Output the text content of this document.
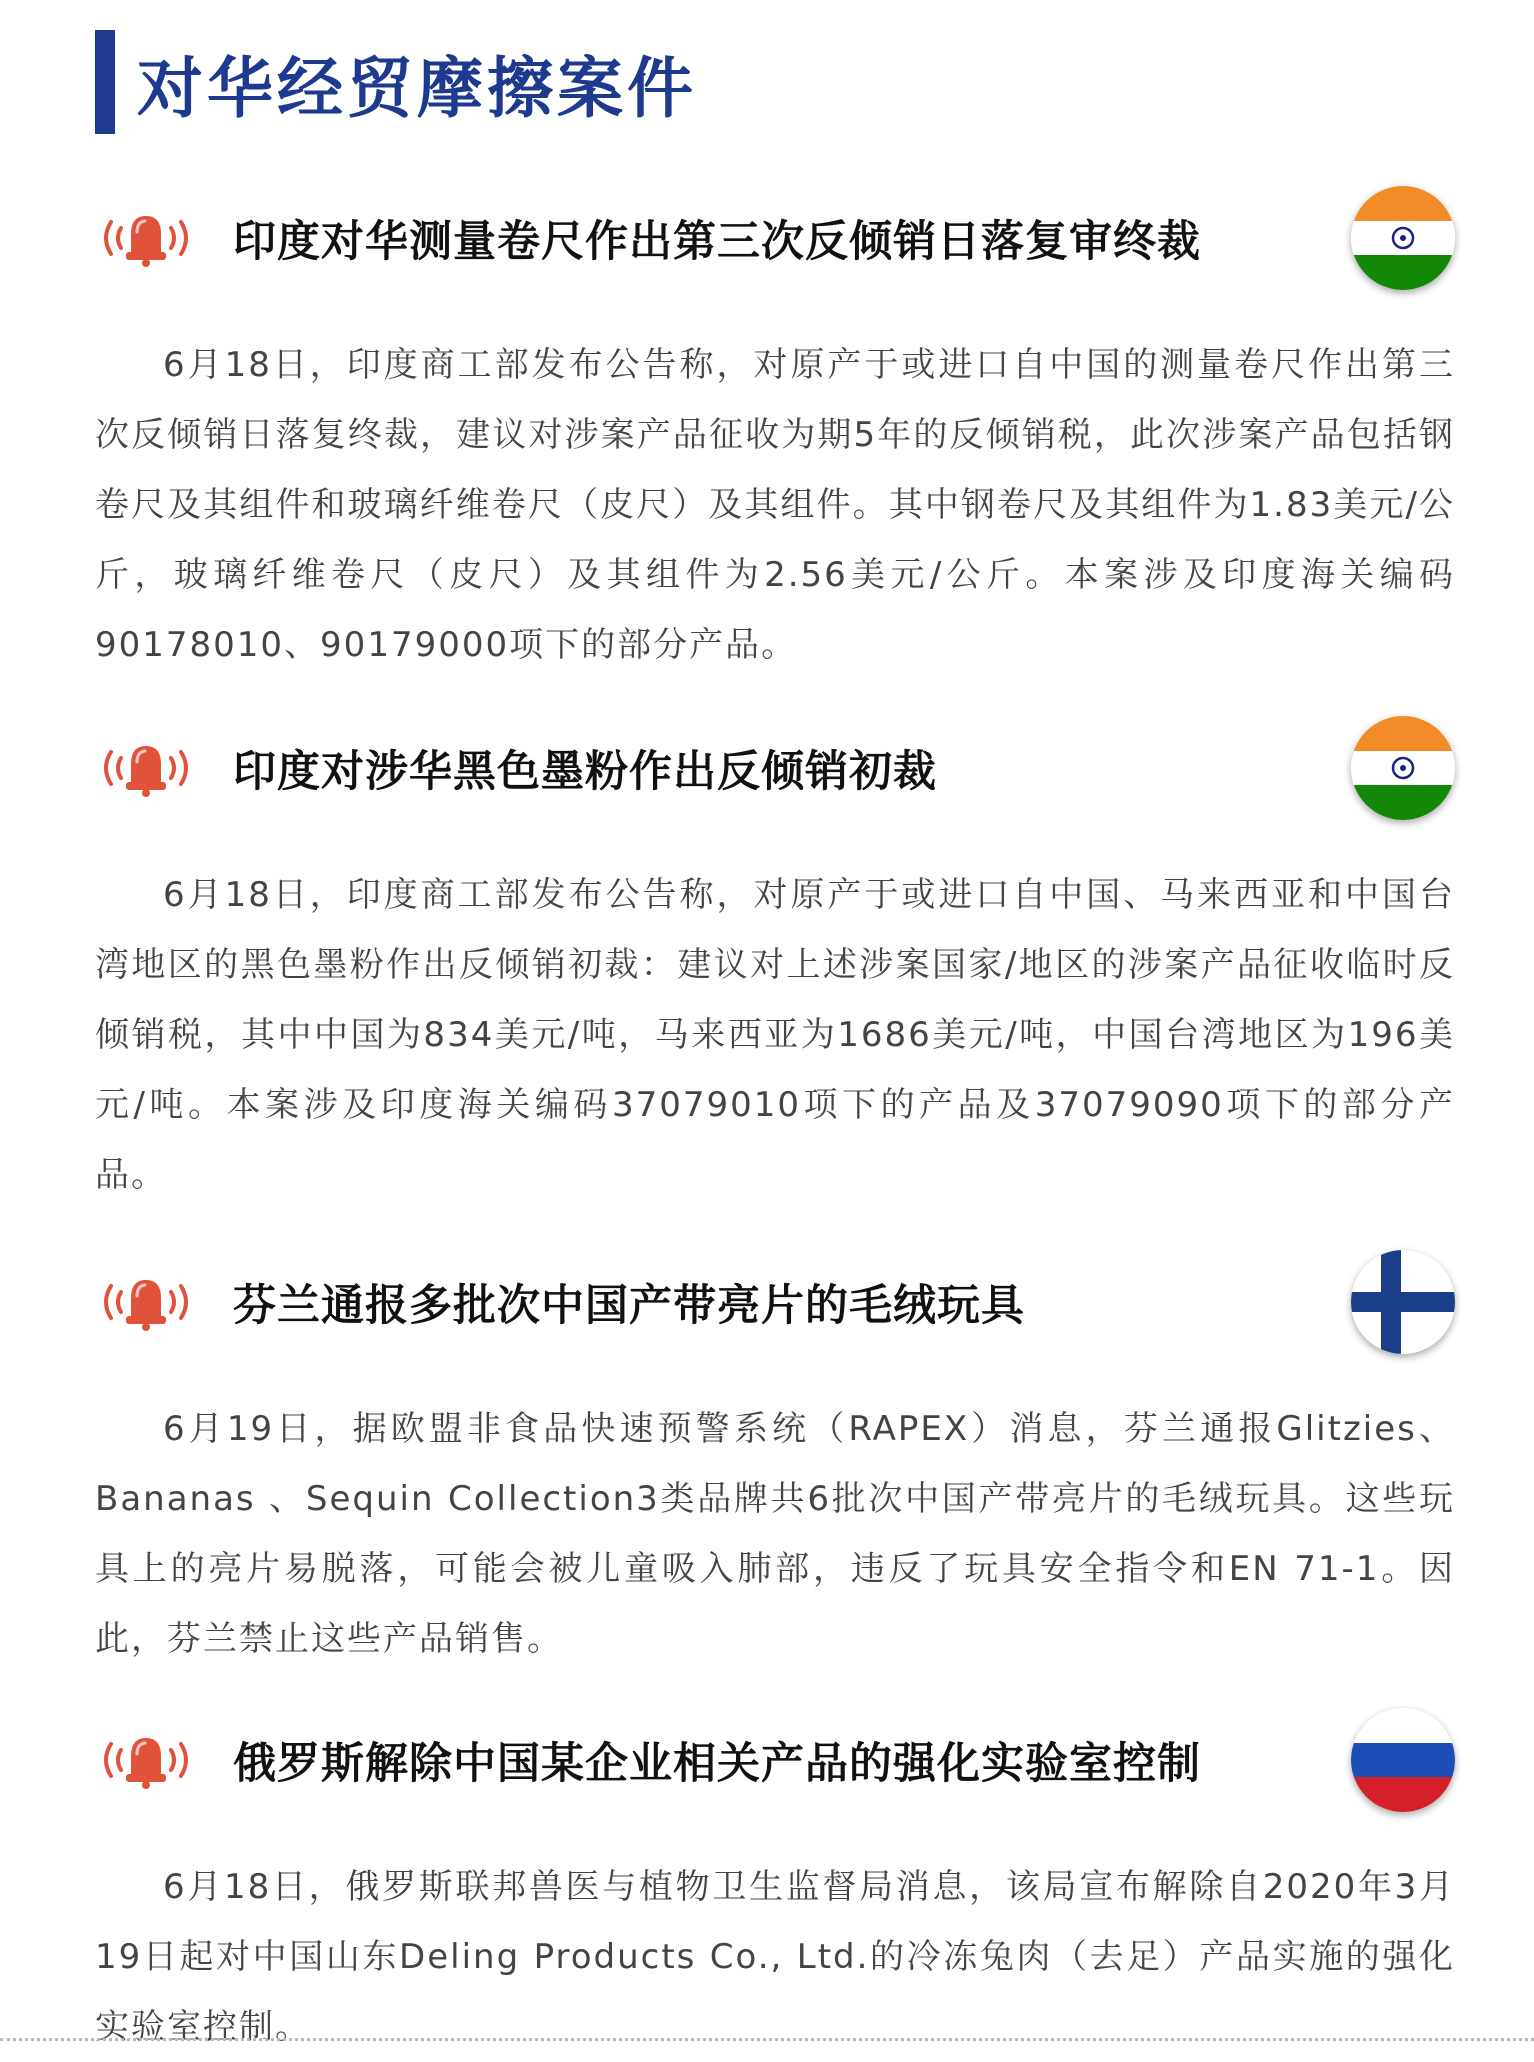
对华经贸摩擦案件
印度对华测量卷尺作出第三次反倾销日落复审终裁

6月18日，印度商工部发布公告称，对原产于或进口自中国的测量卷尺作出第三次反倾销日落复终裁，建议对涉案产品征收为期5年的反倾销税，此次涉案产品包括钢卷尺及其组件和玻璃纤维卷尺（皮尺）及其组件。其中钢卷尺及其组件为1.83美元/公斤，玻璃纤维卷尺（皮尺）及其组件为2.56美元/公斤。本案涉及印度海关编码90178010、90179000项下的部分产品。

印度对涉华黑色墨粉作出反倾销初裁

6月18日，印度商工部发布公告称，对原产于或进口自中国、马来西亚和中国台湾地区的黑色墨粉作出反倾销初裁：建议对上述涉案国家/地区的涉案产品征收临时反倾销税，其中中国为834美元/吨，马来西亚为1686美元/吨，中国台湾地区为196美元/吨。本案涉及印度海关编码37079010项下的产品及37079090项下的部分产品。

芬兰通报多批次中国产带亮片的毛绒玩具

6月19日，据欧盟非食品快速预警系统（RAPEX）消息，芬兰通报Glitzies、Bananas 、Sequin Collection3类品牌共6批次中国产带亮片的毛绒玩具。这些玩具上的亮片易脱落，可能会被儿童吸入肺部，违反了玩具安全指令和EN 71-1。因此，芬兰禁止这些产品销售。

俄罗斯解除中国某企业相关产品的强化实验室控制

6月18日，俄罗斯联邦兽医与植物卫生监督局消息，该局宣布解除自2020年3月19日起对中国山东Deling Products Co., Ltd.的冷冻兔肉（去足）产品实施的强化实验室控制。
